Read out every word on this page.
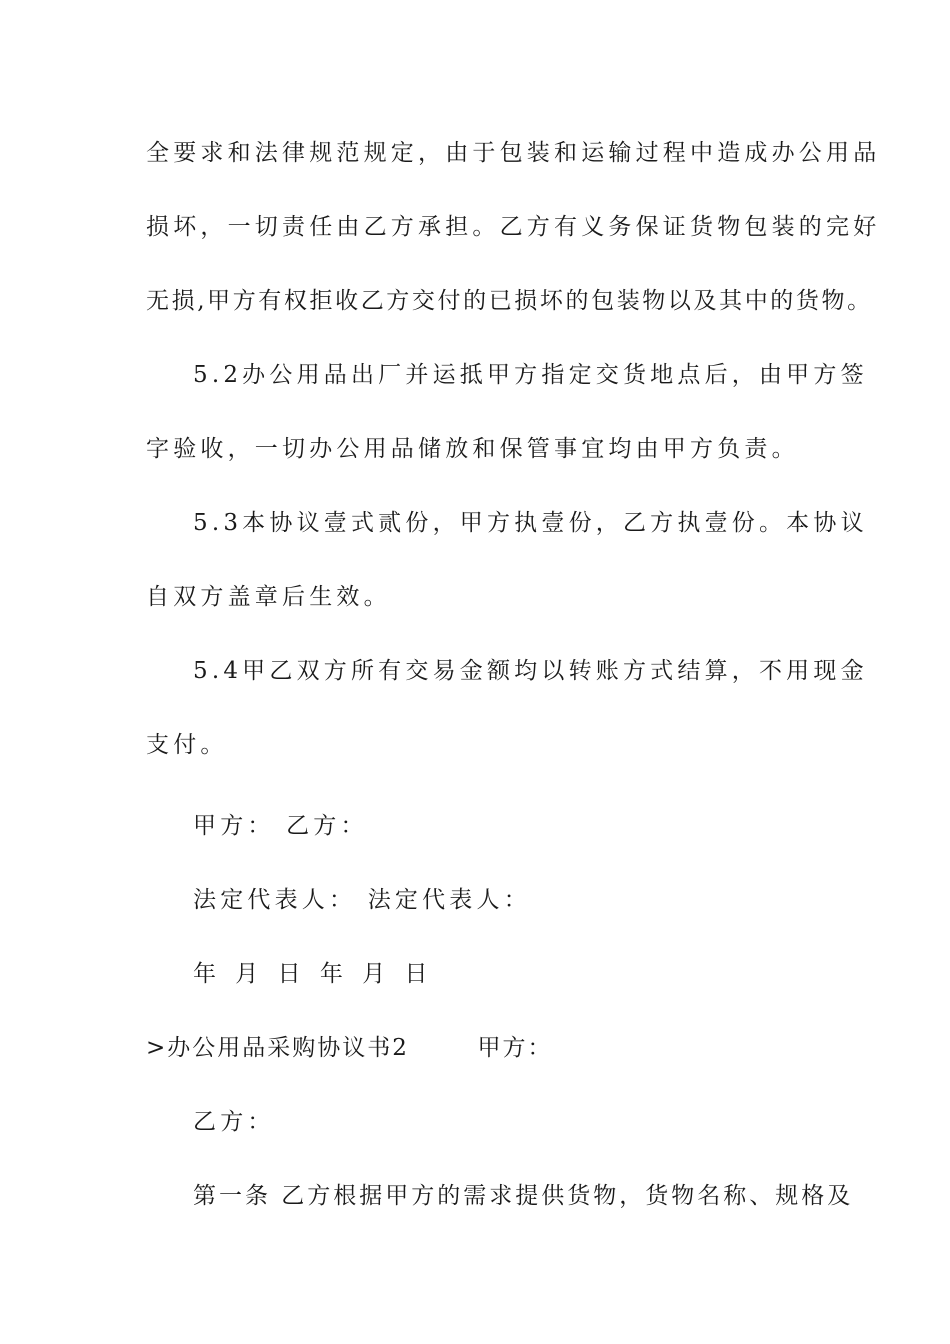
全要求和法律规范规定，由于包装和运输过程中造成办公用品
损坏，一切责任由乙方承担。乙方有义务保证货物包装的完好
无损,甲方有权拒收乙方交付的已损坏的包装物以及其中的货物。
5.2办公用品出厂并运抵甲方指定交货地点后，由甲方签
字验收，一切办公用品储放和保管事宜均由甲方负责。
5.3本协议壹式贰份，甲方执壹份，乙方执壹份。本协议
自双方盖章后生效。
5.4甲乙双方所有交易金额均以转账方式结算，不用现金
支付。
甲方： 乙方：
法定代表人： 法定代表人：
年 月 日 年 月 日
>办公用品采购协议书2 　　 甲方：
乙方：
第一条 乙方根据甲方的需求提供货物，货物名称、规格及
